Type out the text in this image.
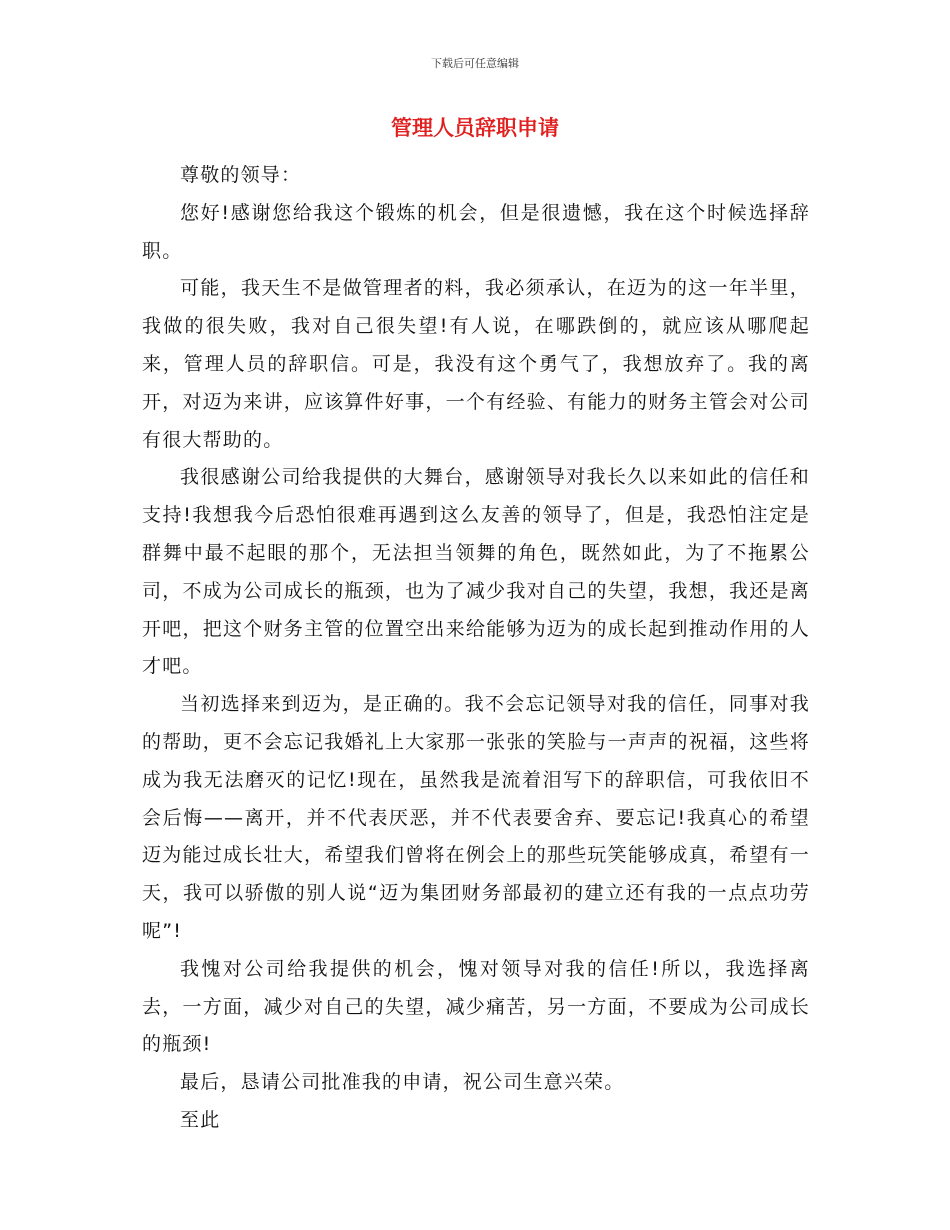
下载后可任意编辑
管理人员辞职申请

尊敬的领导：

您好!感谢您给我这个锻炼的机会，但是很遗憾，我在这个时候选择辞职。

可能，我天生不是做管理者的料，我必须承认，在迈为的这一年半里，我做的很失败，我对自己很失望!有人说，在哪跌倒的，就应该从哪爬起来，管理人员的辞职信。可是，我没有这个勇气了，我想放弃了。我的离开，对迈为来讲，应该算件好事，一个有经验、有能力的财务主管会对公司有很大帮助的。

我很感谢公司给我提供的大舞台，感谢领导对我长久以来如此的信任和支持!我想我今后恐怕很难再遇到这么友善的领导了，但是，我恐怕注定是群舞中最不起眼的那个，无法担当领舞的角色，既然如此，为了不拖累公司，不成为公司成长的瓶颈，也为了减少我对自己的失望，我想，我还是离开吧，把这个财务主管的位置空出来给能够为迈为的成长起到推动作用的人才吧。

当初选择来到迈为，是正确的。我不会忘记领导对我的信任，同事对我的帮助，更不会忘记我婚礼上大家那一张张的笑脸与一声声的祝福，这些将成为我无法磨灭的记忆!现在，虽然我是流着泪写下的辞职信，可我依旧不会后悔——离开，并不代表厌恶，并不代表要舍弃、要忘记!我真心的希望迈为能过成长壮大，希望我们曾将在例会上的那些玩笑能够成真，希望有一天，我可以骄傲的别人说“迈为集团财务部最初的建立还有我的一点点功劳呢”!

我愧对公司给我提供的机会，愧对领导对我的信任!所以，我选择离去，一方面，减少对自己的失望，减少痛苦，另一方面，不要成为公司成长的瓶颈!

最后，恳请公司批准我的申请，祝公司生意兴荣。

至此
